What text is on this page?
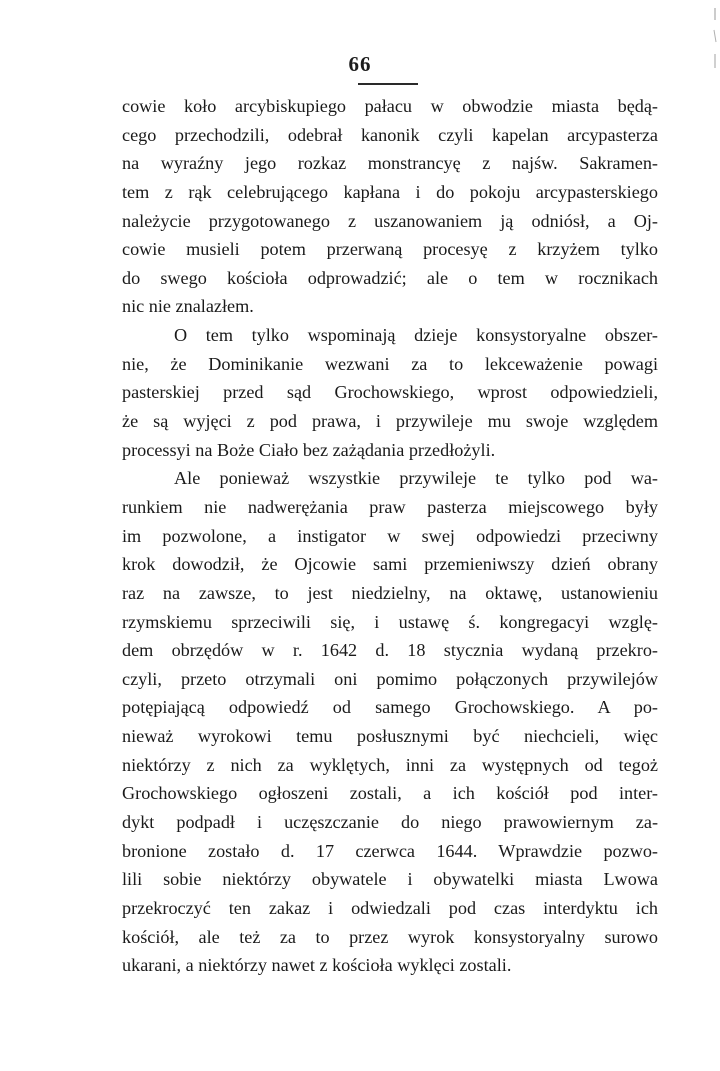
66
cowie koło arcybiskupiego pałacu w obwodzie miasta będą-
cego przechodzili, odebrał kanonik czyli kapelan arcypasterza
na wyraźny jego rozkaz monstrancyę z najśw. Sakramen-
tem z rąk celebrującego kapłana i do pokoju arcypasterskiego
należycie przygotowanego z uszanowaniem ją odniósł, a Oj-
cowie musieli potem przerwaną procesyę z krzyżem tylko
do swego kościoła odprowadzić; ale o tem w rocznikach
nic nie znalazłem.
O tem tylko wspominają dzieje konsystoryalne obszer-
nie, że Dominikanie wezwani za to lekceważenie powagi
pasterskiej przed sąd Grochowskiego, wprost odpowiedzieli,
że są wyjęci z pod prawa, i przywileje mu swoje względem
processyi na Boże Ciało bez zażądania przedłożyli.
Ale ponieważ wszystkie przywileje te tylko pod wa-
runkiem nie nadwerężania praw pasterza miejscowego były
im pozwolone, a instigator w swej odpowiedzi przeciwny
krok dowodził, że Ojcowie sami przemieniwszy dzień obrany
raz na zawsze, to jest niedzielny, na oktawę, ustanowieniu
rzymskiemu sprzeciwili się, i ustawę ś. kongregacyi wzglę-
dem obrzędów w r. 1642 d. 18 stycznia wydaną przekro-
czyli, przeto otrzymali oni pomimo połączonych przywilejów
potępiającą odpowiedź od samego Grochowskiego. A po-
nieważ wyrokowi temu posłusznymi być niechcieli, więc
niektórzy z nich za wyklętych, inni za występnych od tegoż
Grochowskiego ogłoszeni zostali, a ich kościół pod inter-
dykt podpadł i uczęszczanie do niego prawowiernym za-
bronione zostało d. 17 czerwca 1644. Wprawdzie pozwo-
lili sobie niektórzy obywatele i obywatelki miasta Lwowa
przekroczyć ten zakaz i odwiedzali pod czas interdyktu ich
kościół, ale też za to przez wyrok konsystoryalny surowo
ukarani, a niektórzy nawet z kościoła wyklęci zostali.
